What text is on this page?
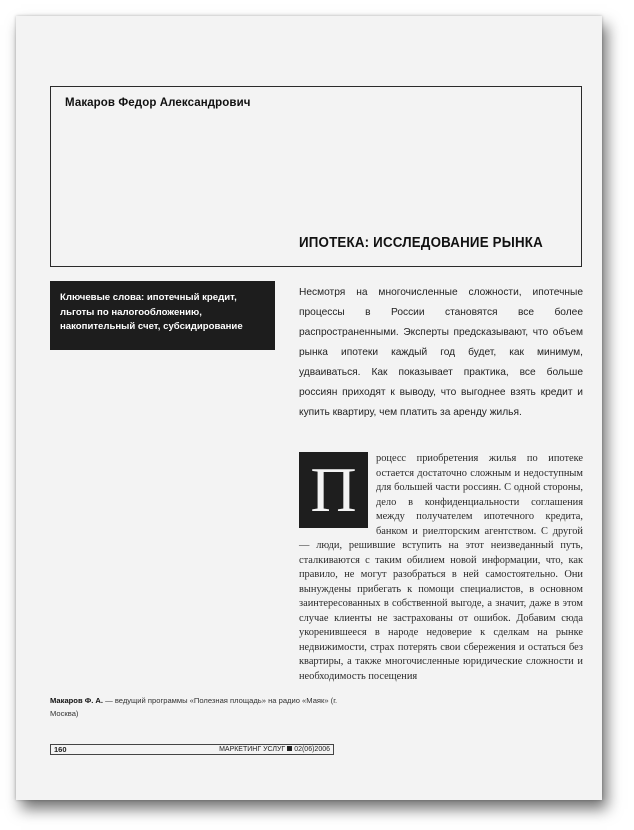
Макаров Федор Александрович
ИПОТЕКА: ИССЛЕДОВАНИЕ РЫНКА
Ключевые слова: ипотечный кредит, льготы по налогообложению, накопительный счет, субсидирование
Несмотря на многочисленные сложности, ипотечные процессы в России становятся все более распространенными. Эксперты предсказывают, что объем рынка ипотеки каждый год будет, как минимум, удваиваться. Как показывает практика, все больше россиян приходят к выводу, что выгоднее взять кредит и купить квартиру, чем платить за аренду жилья.
П	роцесс приобретения жилья по ипотеке остается достаточно сложным и недоступным для большей части россиян. С одной стороны, дело в конфиденциальности соглашения между получателем ипотечного кредита, банком и риелторским агентством. С другой — люди, решившие вступить на этот неизведанный путь, сталкиваются с таким обилием новой информации, что, как правило, не могут разобраться в ней самостоятельно. Они вынуждены прибегать к помощи специалистов, в основном заинтересованных в собственной выгоде, а значит, даже в этом случае клиенты не застрахованы от ошибок. Добавим сюда укоренившееся в народе недоверие к сделкам на рынке недвижимости, страх потерять свои сбережения и остаться без квартиры, а также многочисленные юридические сложности и необходимость посещения
Макаров Ф. А. — ведущий программы «Полезная площадь» на радио «Маяк» (г. Москва)
160	МАРКЕТИНГ УСЛУГ 02(06)2006
